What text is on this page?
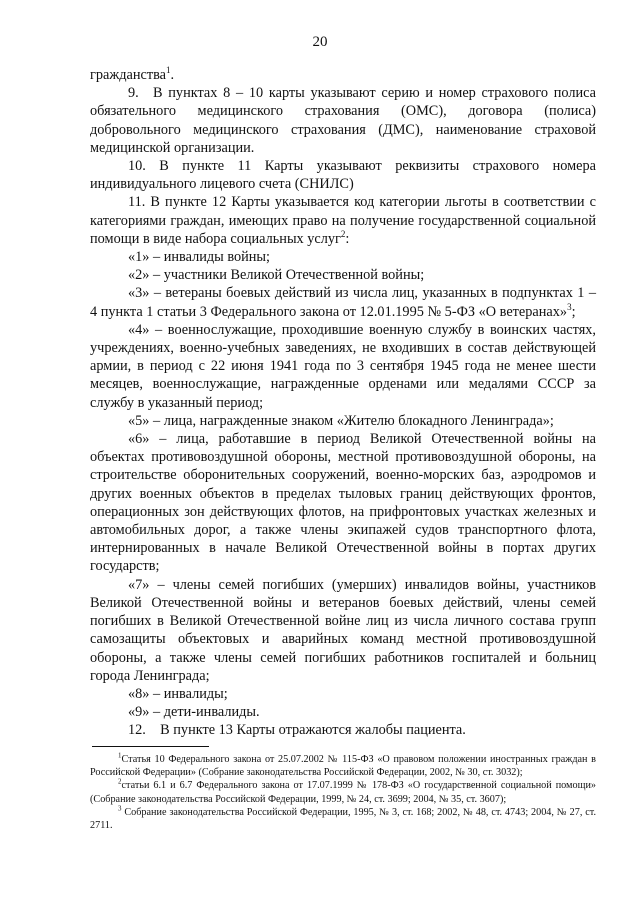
20

гражданства$^1$.

9. В пунктах 8 – 10 карты указывают серию и номер страхового полиса обязательного медицинского страхования (ОМС), договора (полиса) добровольного медицинского страхования (ДМС), наименование страховой медицинской организации.

10. В пункте 11 Карты указывают реквизиты страхового номера индивидуального лицевого счета (СНИЛС)

11. В пункте 12 Карты указывается код категории льготы в соответствии с категориями граждан, имеющих право на получение государственной социальной помощи в виде набора социальных услуг$^2$:

«1» – инвалиды войны;

«2» – участники Великой Отечественной войны;

«3» – ветераны боевых действий из числа лиц, указанных в подпунктах 1 – 4 пункта 1 статьи 3 Федерального закона от 12.01.1995 № 5-ФЗ «О ветеранах»$^3$;

«4» – военнослужащие, проходившие военную службу в воинских частях, учреждениях, военно-учебных заведениях, не входивших в состав действующей армии, в период с 22 июня 1941 года по 3 сентября 1945 года не менее шести месяцев, военнослужащие, награжденные орденами или медалями СССР за службу в указанный период;

«5» – лица, награжденные знаком «Жителю блокадного Ленинграда»;

«6» – лица, работавшие в период Великой Отечественной войны на объектах противовоздушной обороны, местной противовоздушной обороны, на строительстве оборонительных сооружений, военно-морских баз, аэродромов и других военных объектов в пределах тыловых границ действующих фронтов, операционных зон действующих флотов, на прифронтовых участках железных и автомобильных дорог, а также члены экипажей судов транспортного флота, интернированных в начале Великой Отечественной войны в портах других государств;

«7» – члены семей погибших (умерших) инвалидов войны, участников Великой Отечественной войны и ветеранов боевых действий, члены семей погибших в Великой Отечественной войне лиц из числа личного состава групп самозащиты объектовых и аварийных команд местной противовоздушной обороны, а также члены семей погибших работников госпиталей и больниц города Ленинграда;

«8» – инвалиды;

«9» – дети-инвалиды.

12. В пункте 13 Карты отражаются жалобы пациента.

$^1$Статья 10 Федерального закона от 25.07.2002 № 115-ФЗ «О правовом положении иностранных граждан в Российской Федерации» (Собрание законодательства Российской Федерации, 2002, № 30, ст. 3032);

$^2$статьи 6.1 и 6.7 Федерального закона от 17.07.1999 № 178-ФЗ «О государственной социальной помощи» (Собрание законодательства Российской Федерации, 1999, № 24, ст. 3699; 2004, № 35, ст. 3607);

$^3$ Собрание законодательства Российской Федерации, 1995, № 3, ст. 168; 2002, № 48, ст. 4743; 2004, № 27, ст. 2711.
